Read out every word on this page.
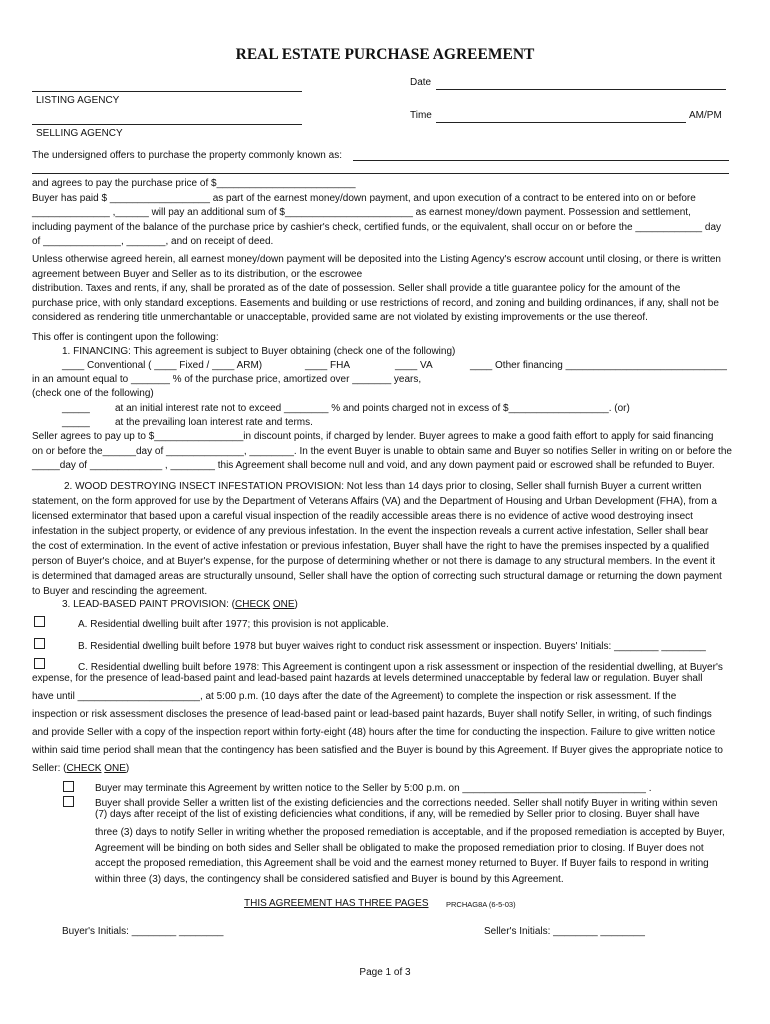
REAL ESTATE PURCHASE AGREEMENT
Date
LISTING AGENCY
Time	AM/PM
SELLING AGENCY
The undersigned offers to purchase the property commonly known as:
and agrees to pay the purchase price of $_________________________
Buyer has paid $ __________________ as part of the earnest money/down payment, and upon execution of a contract to be entered into on or before
______________ ,______ will pay an additional sum of $_______________________ as earnest money/down payment. Possession and settlement,
including payment of the balance of the purchase price by cashier's check, certified funds, or the equivalent, shall occur on or before the ____________ day
of ______________, _______, and on receipt of deed.
Unless otherwise agreed herein, all earnest money/down payment will be deposited into the Listing Agency's escrow account until closing, or there is written
agreement between Buyer and Seller as to its distribution, or the escrowee
distribution. Taxes and rents, if any, shall be prorated as of the date of possession. Seller shall provide a title guarantee policy for the amount of the
purchase price, with only standard exceptions. Easements and building or use restrictions of record, and zoning and building ordinances, if any, shall not be
considered as rendering title unmerchantable or unacceptable, provided same are not violated by existing improvements or the use thereof.
This offer is contingent upon the following:
1. FINANCING: This agreement is subject to Buyer obtaining (check one of the following)
____ Conventional ( ____ Fixed / ____ ARM)	____ FHA	____ VA	____ Other financing _____________________________
in an amount equal to _______ % of the purchase price, amortized over _______ years,
(check one of the following)
_____	at an initial interest rate not to exceed ________ % and points charged not in excess of $__________________. (or)
_____	at the prevailing loan interest rate and terms.
Seller agrees to pay up to $________________in discount points, if charged by lender. Buyer agrees to make a good faith effort to apply for said financing
on or before the______day of ______________, ________. In the event Buyer is unable to obtain same and Buyer so notifies Seller in writing on or before the
_____day of _____________ , ________ this Agreement shall become null and void, and any down payment paid or escrowed shall be refunded to Buyer.
2. WOOD DESTROYING INSECT INFESTATION PROVISION: Not less than 14 days prior to closing, Seller shall furnish Buyer a current written
statement, on the form approved for use by the Department of Veterans Affairs (VA) and the Department of Housing and Urban Development (FHA), from a
licensed exterminator that based upon a careful visual inspection of the readily accessible areas there is no evidence of active wood destroying insect
infestation in the subject property, or evidence of any previous infestation. In the event the inspection reveals a current active infestation, Seller shall bear
the cost of extermination. In the event of active infestation or previous infestation, Buyer shall have the right to have the premises inspected by a qualified
person of Buyer's choice, and at Buyer's expense, for the purpose of determining whether or not there is damage to any structural members. In the event it
is determined that damaged areas are structurally unsound, Seller shall have the option of correcting such structural damage or returning the down payment
to Buyer and rescinding the agreement.
3. LEAD-BASED PAINT PROVISION: (CHECK ONE)
A. Residential dwelling built after 1977; this provision is not applicable.
B. Residential dwelling built before 1978 but buyer waives right to conduct risk assessment or inspection. Buyers' Initials: ________ ________
C. Residential dwelling built before 1978: This Agreement is contingent upon a risk assessment or inspection of the residential dwelling, at Buyer's
expense, for the presence of lead-based paint and lead-based paint hazards at levels determined unacceptable by federal law or regulation. Buyer shall
have until ______________________, at 5:00 p.m. (10 days after the date of the Agreement) to complete the inspection or risk assessment. If the
inspection or risk assessment discloses the presence of lead-based paint or lead-based paint hazards, Buyer shall notify Seller, in writing, of such findings
and provide Seller with a copy of the inspection report within forty-eight (48) hours after the time for conducting the inspection. Failure to give written notice
within said time period shall mean that the contingency has been satisfied and the Buyer is bound by this Agreement. If Buyer gives the appropriate notice to
Seller: (CHECK ONE)
Buyer may terminate this Agreement by written notice to the Seller by 5:00 p.m. on _________________________________ .
Buyer shall provide Seller a written list of the existing deficiencies and the corrections needed. Seller shall notify Buyer in writing within seven
(7) days after receipt of the list of existing deficiencies what conditions, if any, will be remedied by Seller prior to closing. Buyer shall have
three (3) days to notify Seller in writing whether the proposed remediation is acceptable, and if the proposed remediation is accepted by Buyer,
Agreement will be binding on both sides and Seller shall be obligated to make the proposed remediation prior to closing. If Buyer does not
accept the proposed remediation, this Agreement shall be void and the earnest money returned to Buyer. If Buyer fails to respond in writing
within three (3) days, the contingency shall be considered satisfied and Buyer is bound by this Agreement.
THIS AGREEMENT HAS THREE PAGES PRCHAG8A (6-5-03)
Buyer's Initials: ________ ________	Seller's Initials: ________ ________
Page 1 of 3
